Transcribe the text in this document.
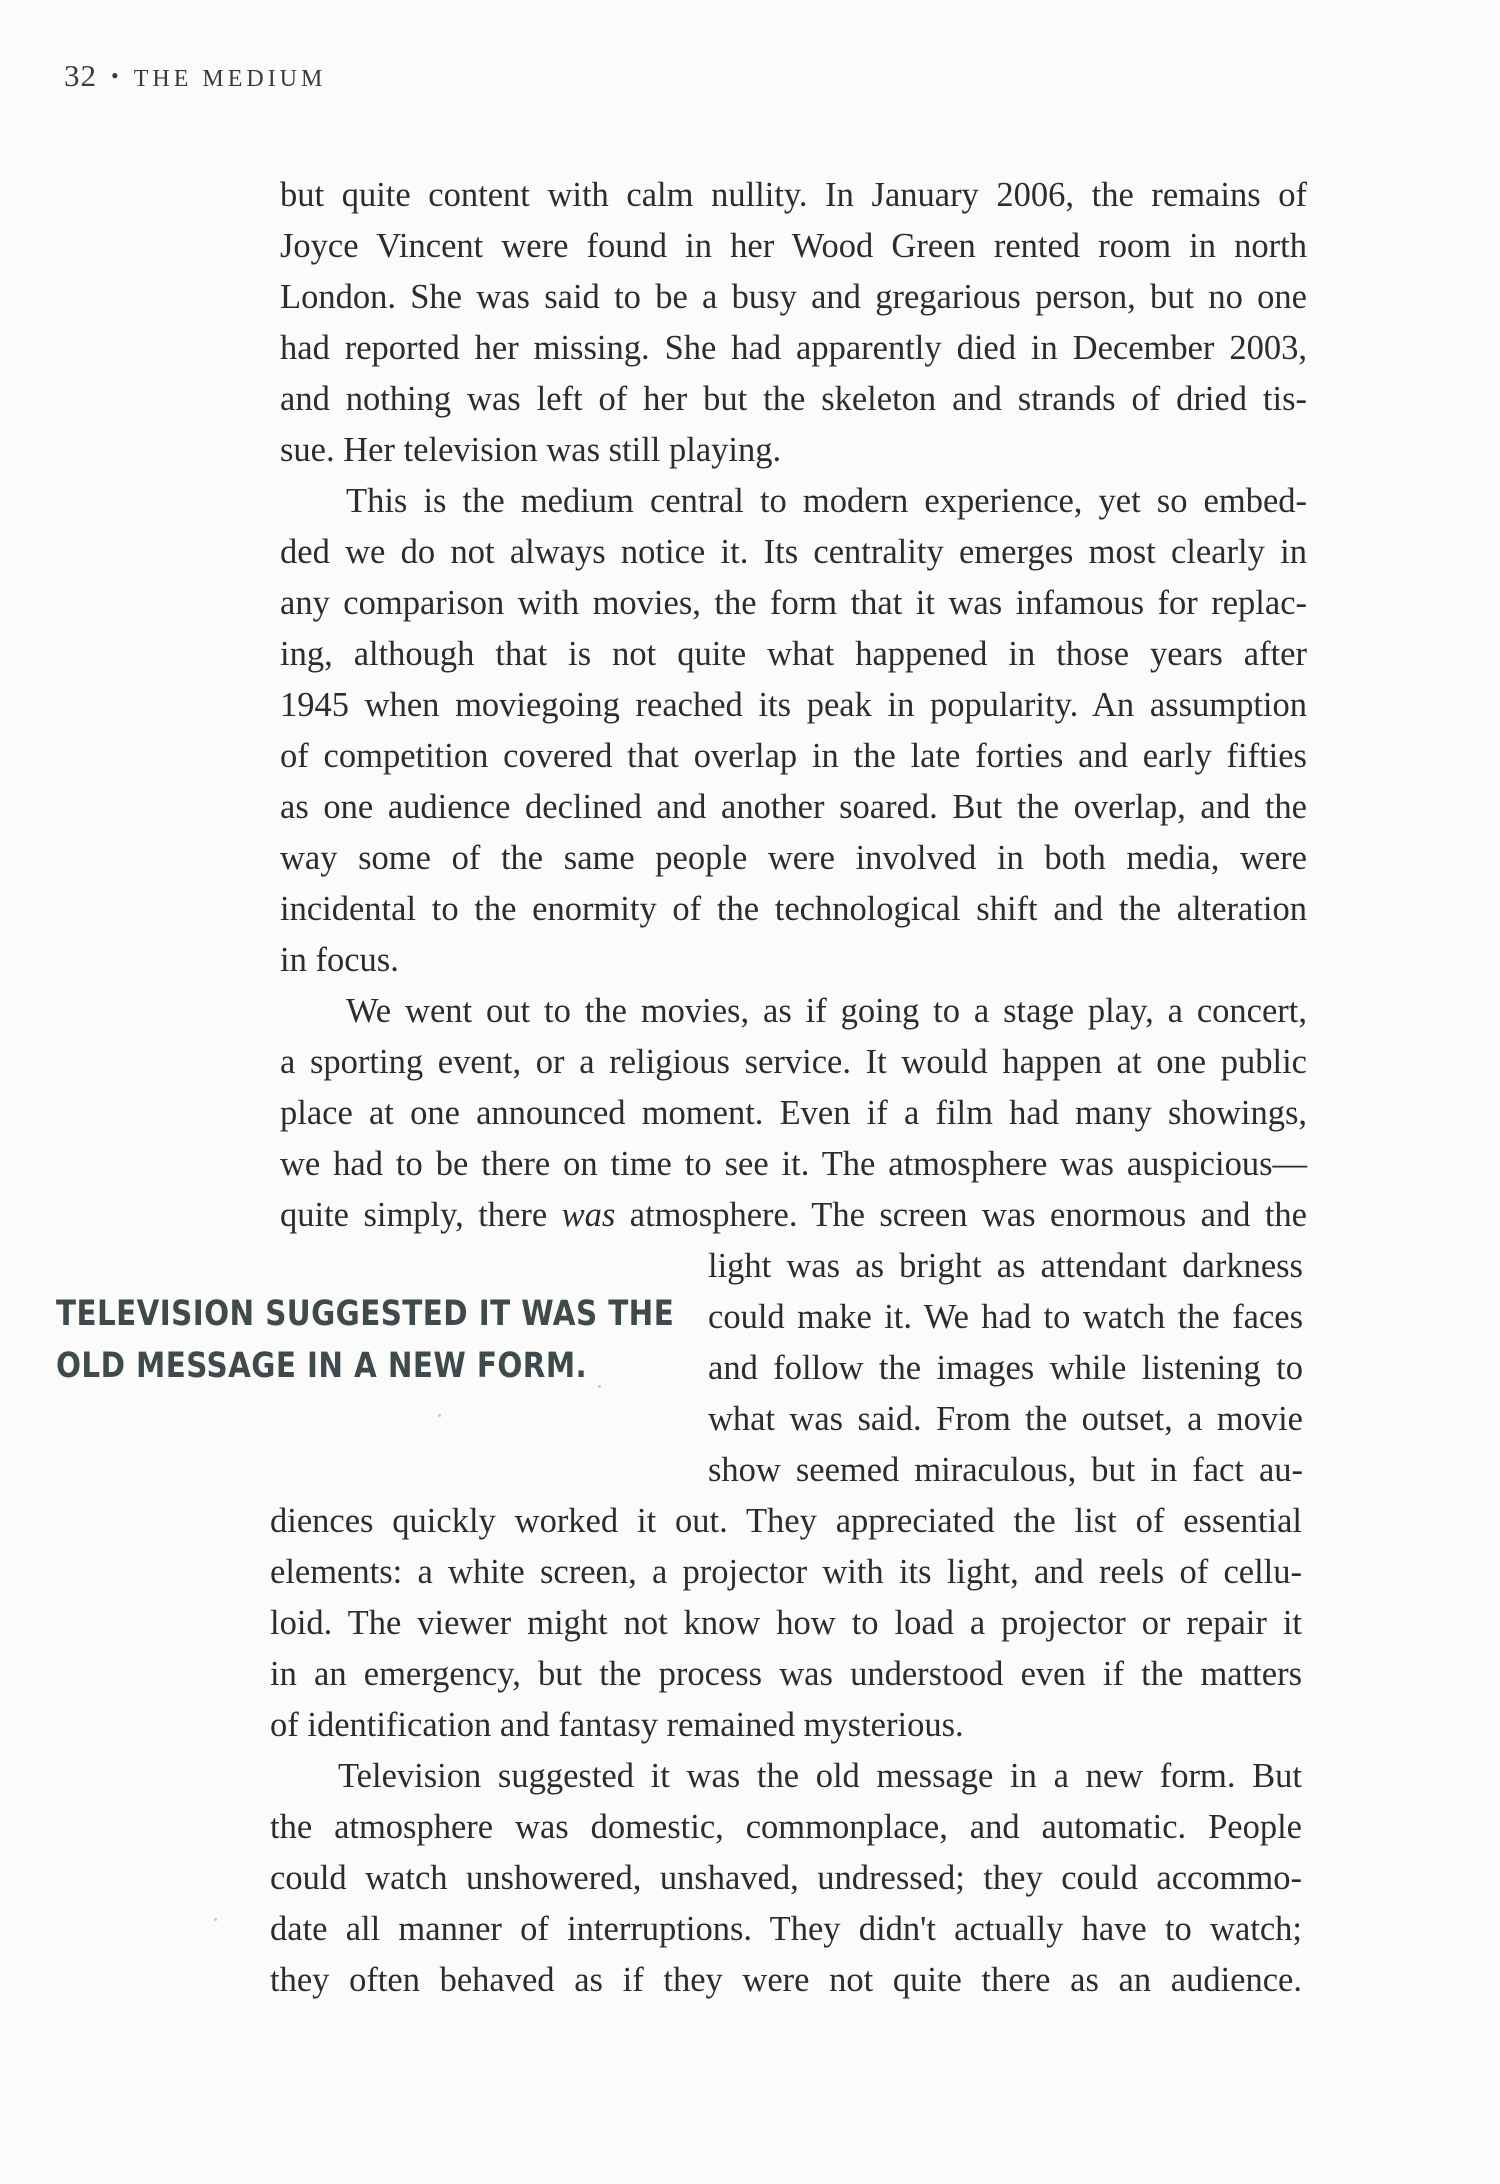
32 • THE MEDIUM
but quite content with calm nullity. In January 2006, the remains of
Joyce Vincent were found in her Wood Green rented room in north
London. She was said to be a busy and gregarious person, but no one
had reported her missing. She had apparently died in December 2003,
and nothing was left of her but the skeleton and strands of dried tis-
sue. Her television was still playing.
This is the medium central to modern experience, yet so embed-
ded we do not always notice it. Its centrality emerges most clearly in
any comparison with movies, the form that it was infamous for replac-
ing, although that is not quite what happened in those years after
1945 when moviegoing reached its peak in popularity. An assumption
of competition covered that overlap in the late forties and early fifties
as one audience declined and another soared. But the overlap, and the
way some of the same people were involved in both media, were
incidental to the enormity of the technological shift and the alteration
in focus.
We went out to the movies, as if going to a stage play, a concert,
a sporting event, or a religious service. It would happen at one public
place at one announced moment. Even if a film had many showings,
we had to be there on time to see it. The atmosphere was auspicious—
quite simply, there was atmosphere. The screen was enormous and the
light was as bright as attendant darkness
could make it. We had to watch the faces
and follow the images while listening to
what was said. From the outset, a movie
show seemed miraculous, but in fact au-
TELEVISION SUGGESTED IT WAS THE
OLD MESSAGE IN A NEW FORM.
diences quickly worked it out. They appreciated the list of essential
elements: a white screen, a projector with its light, and reels of cellu-
loid. The viewer might not know how to load a projector or repair it
in an emergency, but the process was understood even if the matters
of identification and fantasy remained mysterious.
Television suggested it was the old message in a new form. But
the atmosphere was domestic, commonplace, and automatic. People
could watch unshowered, unshaved, undressed; they could accommo-
date all manner of interruptions. They didn't actually have to watch;
they often behaved as if they were not quite there as an audience.
